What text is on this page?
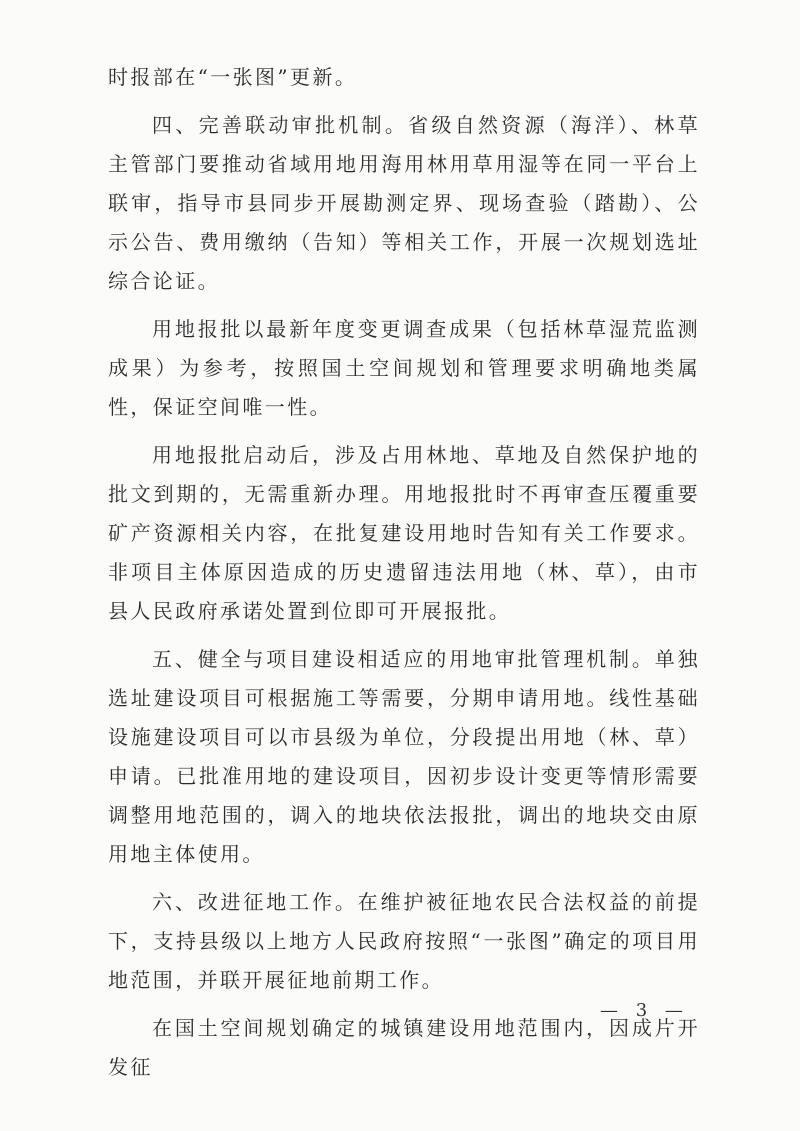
时报部在“一张图”更新。

四、完善联动审批机制。省级自然资源（海洋）、林草主管部门要推动省域用地用海用林用草用湿等在同一平台上联审，指导市县同步开展勘测定界、现场查验（踏勘）、公示公告、费用缴纳（告知）等相关工作，开展一次规划选址综合论证。

用地报批以最新年度变更调查成果（包括林草湿荒监测成果）为参考，按照国土空间规划和管理要求明确地类属性，保证空间唯一性。

用地报批启动后，涉及占用林地、草地及自然保护地的批文到期的，无需重新办理。用地报批时不再审查压覆重要矿产资源相关内容，在批复建设用地时告知有关工作要求。非项目主体原因造成的历史遗留违法用地（林、草），由市县人民政府承诺处置到位即可开展报批。

五、健全与项目建设相适应的用地审批管理机制。单独选址建设项目可根据施工等需要，分期申请用地。线性基础设施建设项目可以市县级为单位，分段提出用地（林、草）申请。已批准用地的建设项目，因初步设计变更等情形需要调整用地范围的，调入的地块依法报批，调出的地块交由原用地主体使用。

六、改进征地工作。在维护被征地农民合法权益的前提下，支持县级以上地方人民政府按照“一张图”确定的项目用地范围，并联开展征地前期工作。

在国土空间规划确定的城镇建设用地范围内，因成片开发征

— 3 —
